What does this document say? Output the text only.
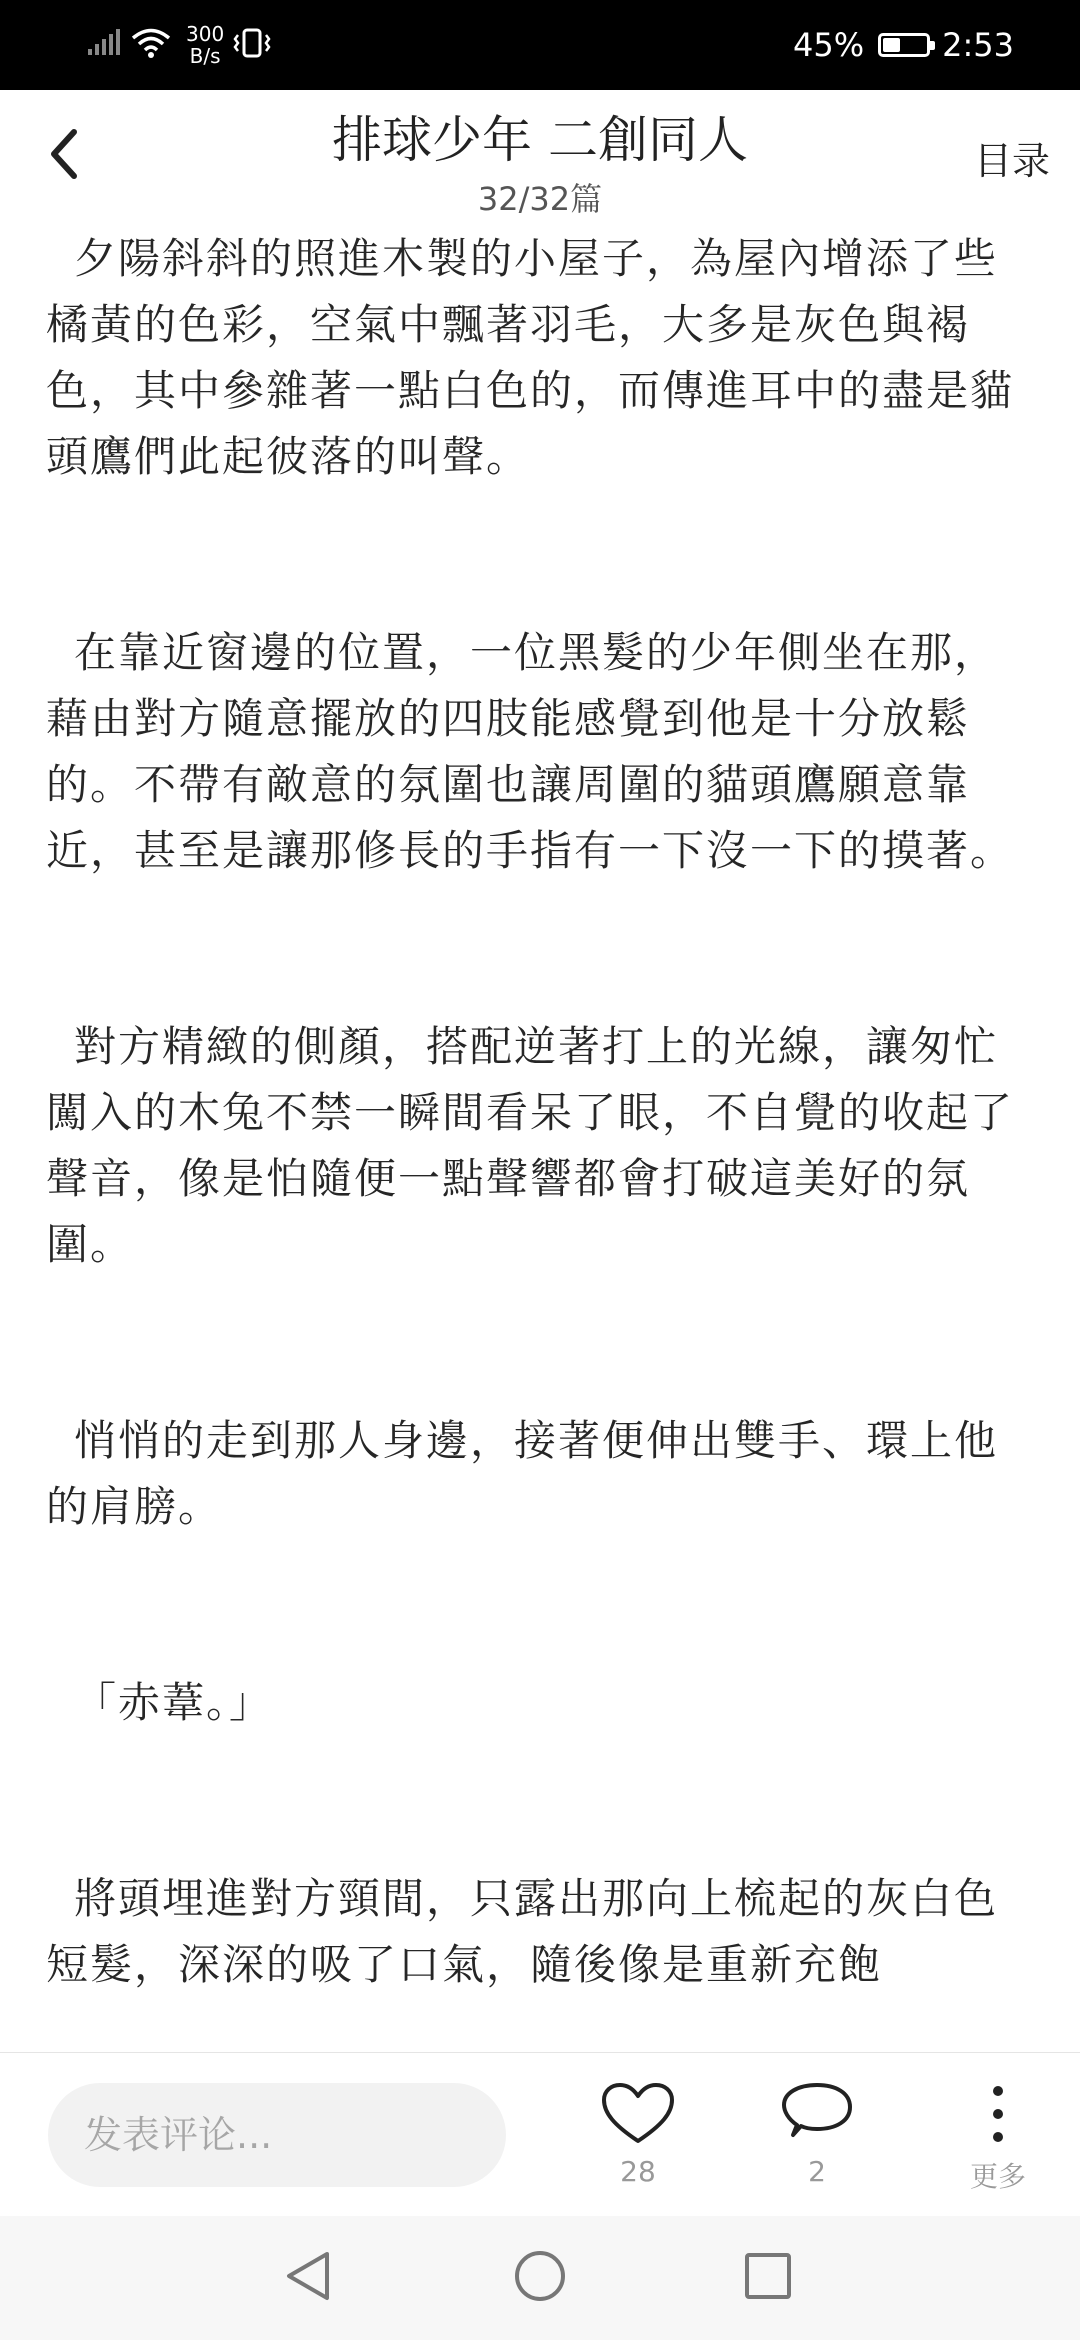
300
B/s	45% 2:53
排球少年 二創同人
32/32篇
目录

夕陽斜斜的照進木製的小屋子，為屋內增添了些橘黃的色彩，空氣中飄著羽毛，大多是灰色與褐色，其中參雜著一點白色的，而傳進耳中的盡是貓頭鷹們此起彼落的叫聲。

在靠近窗邊的位置，一位黑髮的少年側坐在那，藉由對方隨意擺放的四肢能感覺到他是十分放鬆的。不帶有敵意的氛圍也讓周圍的貓頭鷹願意靠近，甚至是讓那修長的手指有一下沒一下的摸著。

對方精緻的側顏，搭配逆著打上的光線，讓匆忙闖入的木兔不禁一瞬間看呆了眼，不自覺的收起了聲音，像是怕隨便一點聲響都會打破這美好的氛圍。

悄悄的走到那人身邊，接著便伸出雙手、環上他的肩膀。

「赤葦。」

將頭埋進對方頸間，只露出那向上梳起的灰白色短髮，深深的吸了口氣，隨後像是重新充飽

发表评论...
28	2	更多
